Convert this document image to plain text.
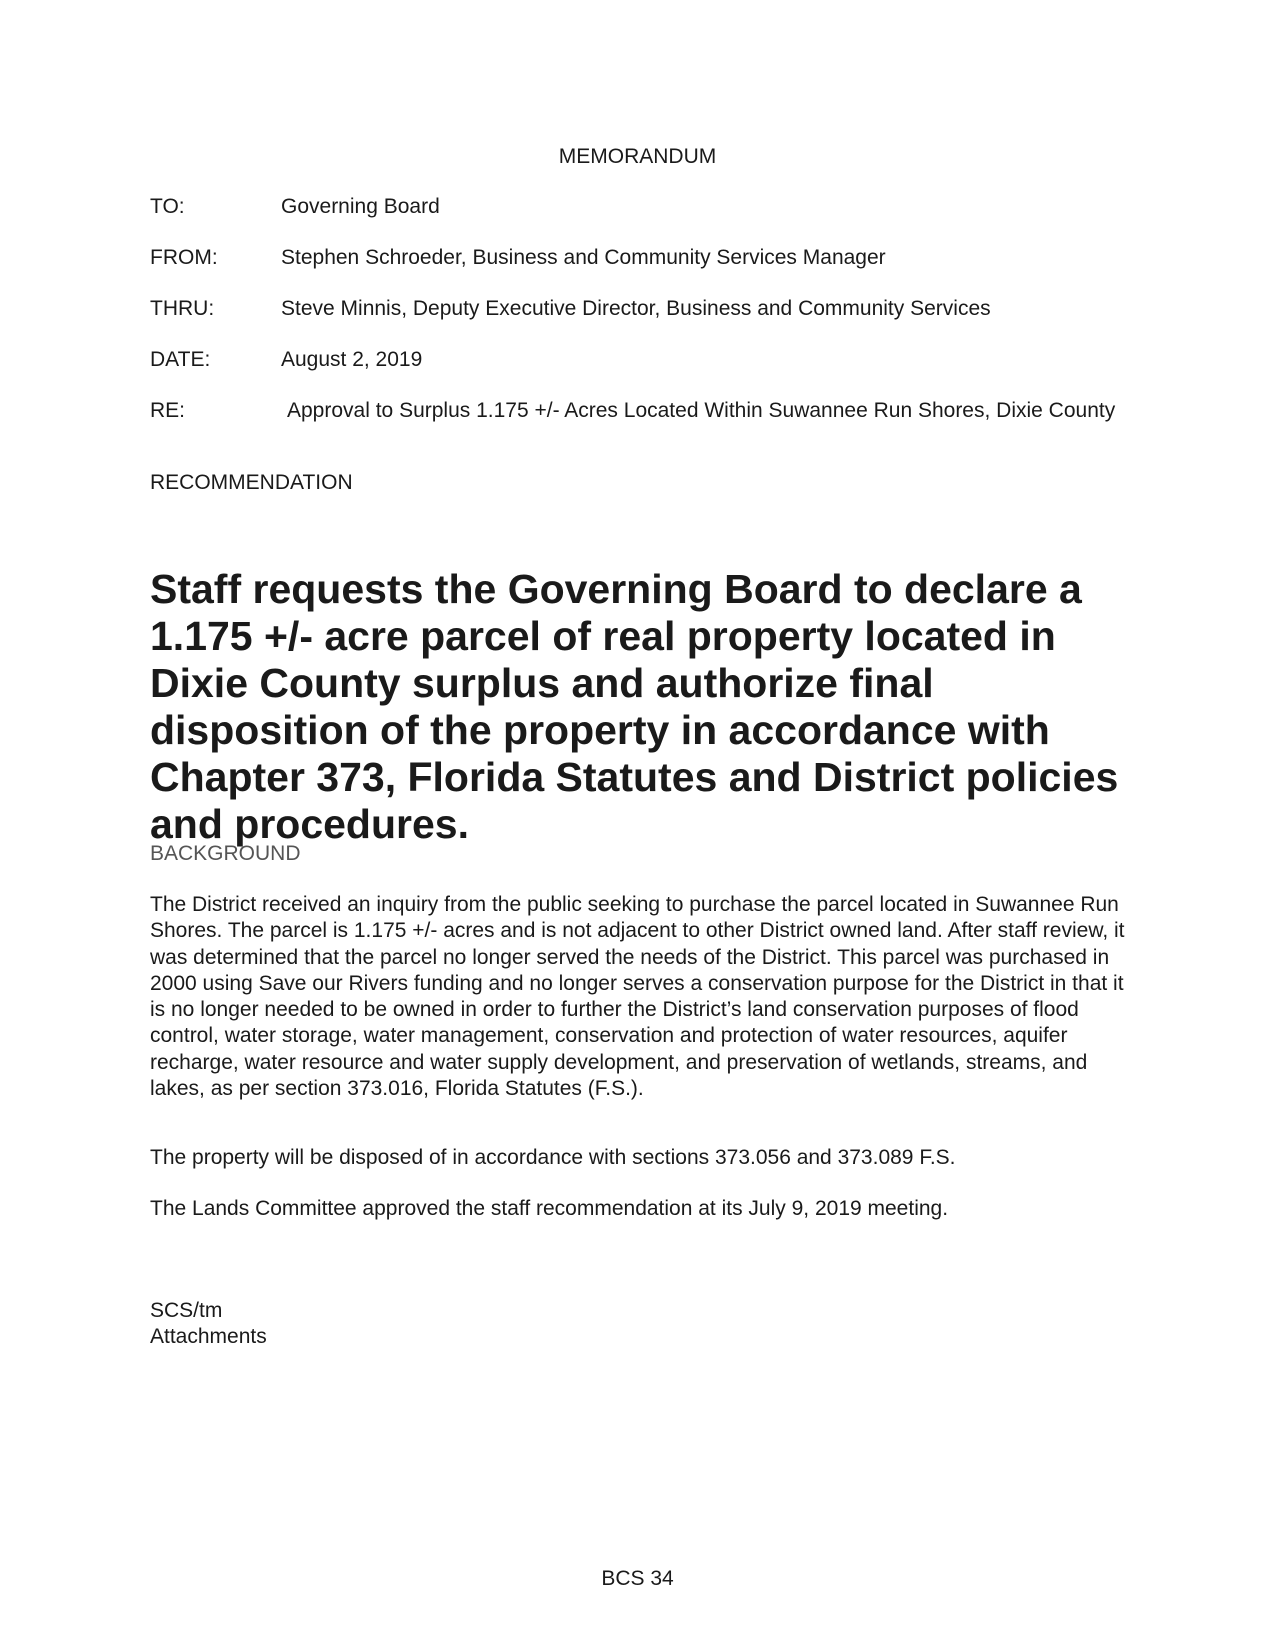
MEMORANDUM
TO:	Governing Board
FROM:	Stephen Schroeder, Business and Community Services Manager
THRU:	Steve Minnis, Deputy Executive Director, Business and Community Services
DATE:	August 2, 2019
RE:	Approval to Surplus 1.175 +/- Acres Located Within Suwannee Run Shores, Dixie County
RECOMMENDATION
Staff requests the Governing Board to declare a 1.175 +/- acre parcel of real property located in Dixie County surplus and authorize final disposition of the property in accordance with Chapter 373, Florida Statutes and District policies and procedures.
BACKGROUND

The District received an inquiry from the public seeking to purchase the parcel located in Suwannee Run Shores. The parcel is 1.175 +/- acres and is not adjacent to other District owned land. After staff review, it was determined that the parcel no longer served the needs of the District. This parcel was purchased in 2000 using Save our Rivers funding and no longer serves a conservation purpose for the District in that it is no longer needed to be owned in order to further the District’s land conservation purposes of flood control, water storage, water management, conservation and protection of water resources, aquifer recharge, water resource and water supply development, and preservation of wetlands, streams, and lakes, as per section 373.016, Florida Statutes (F.S.).

The property will be disposed of in accordance with sections 373.056 and 373.089 F.S.

The Lands Committee approved the staff recommendation at its July 9, 2019 meeting.

SCS/tm
Attachments
BCS 34
